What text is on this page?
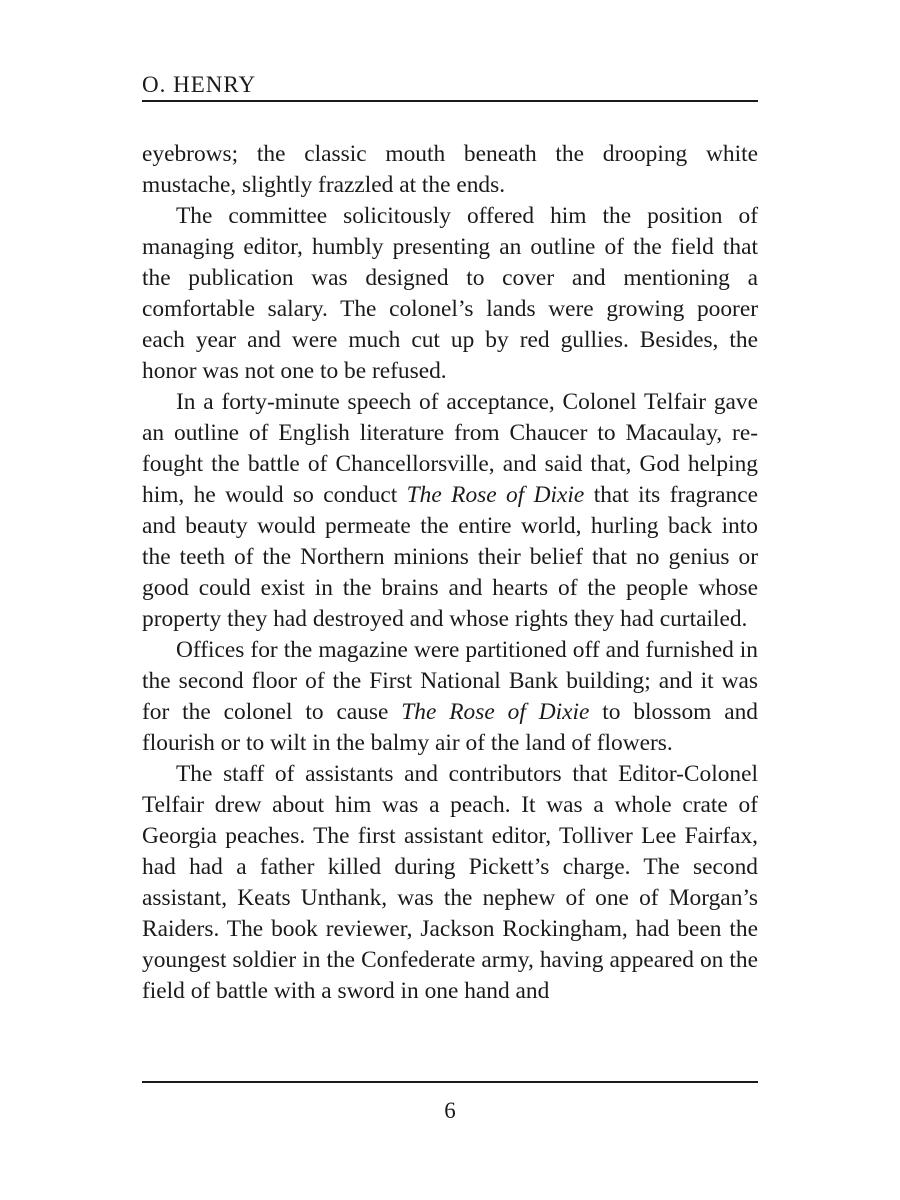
O. HENRY

eyebrows; the classic mouth beneath the drooping white mustache, slightly frazzled at the ends.

The committee solicitously offered him the position of managing editor, humbly presenting an outline of the field that the publication was designed to cover and mentioning a comfortable salary. The colonel’s lands were growing poorer each year and were much cut up by red gullies. Besides, the honor was not one to be refused.

In a forty-minute speech of acceptance, Colonel Telfair gave an outline of English literature from Chaucer to Macaulay, re-fought the battle of Chancellorsville, and said that, God helping him, he would so conduct The Rose of Dixie that its fragrance and beauty would permeate the entire world, hurling back into the teeth of the Northern minions their belief that no genius or good could exist in the brains and hearts of the people whose property they had destroyed and whose rights they had curtailed.

Offices for the magazine were partitioned off and furnished in the second floor of the First National Bank building; and it was for the colonel to cause The Rose of Dixie to blossom and flourish or to wilt in the balmy air of the land of flowers.

The staff of assistants and contributors that Editor-Colonel Telfair drew about him was a peach. It was a whole crate of Georgia peaches. The first assistant editor, Tolliver Lee Fairfax, had had a father killed during Pickett’s charge. The second assistant, Keats Unthank, was the nephew of one of Morgan’s Raiders. The book reviewer, Jackson Rockingham, had been the youngest soldier in the Confederate army, having appeared on the field of battle with a sword in one hand and

6
